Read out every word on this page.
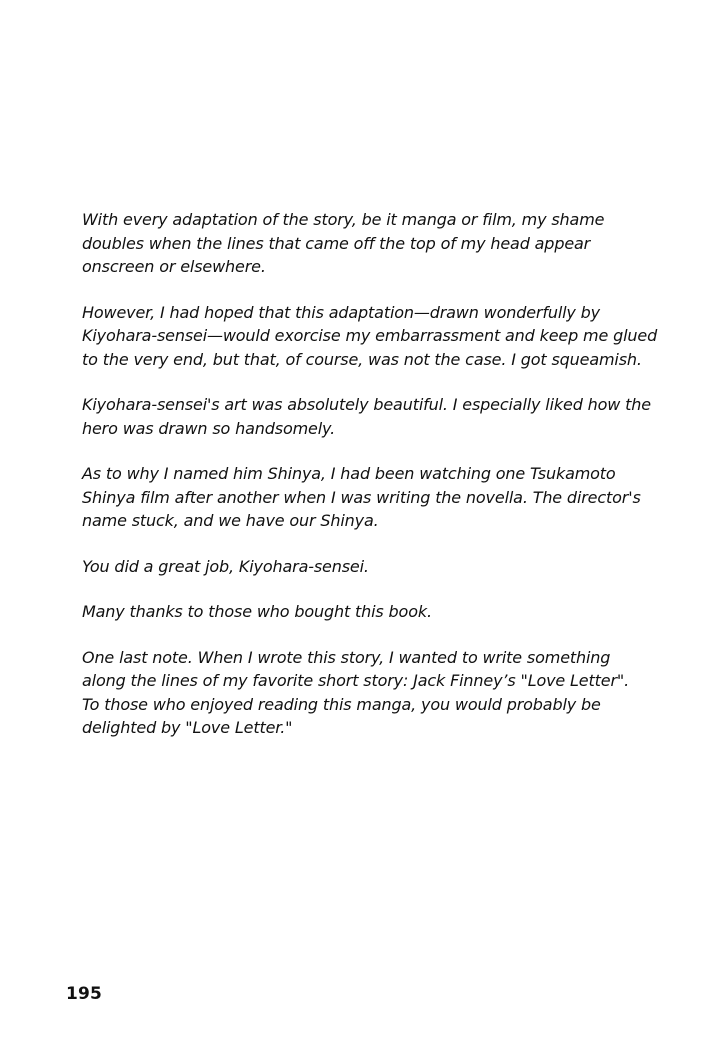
With every adaptation of the story, be it manga or film, my shame
doubles when the lines that came off the top of my head appear
onscreen or elsewhere.

However, I had hoped that this adaptation—drawn wonderfully by
Kiyohara-sensei—would exorcise my embarrassment and keep me glued
to the very end, but that, of course, was not the case. I got squeamish.

Kiyohara-sensei's art was absolutely beautiful. I especially liked how the
hero was drawn so handsomely.

As to why I named him Shinya, I had been watching one Tsukamoto
Shinya film after another when I was writing the novella. The director's
name stuck, and we have our Shinya.

You did a great job, Kiyohara-sensei.

Many thanks to those who bought this book.

One last note. When I wrote this story, I wanted to write something
along the lines of my favorite short story: Jack Finney’s "Love Letter".
To those who enjoyed reading this manga, you would probably be
delighted by "Love Letter."

195
